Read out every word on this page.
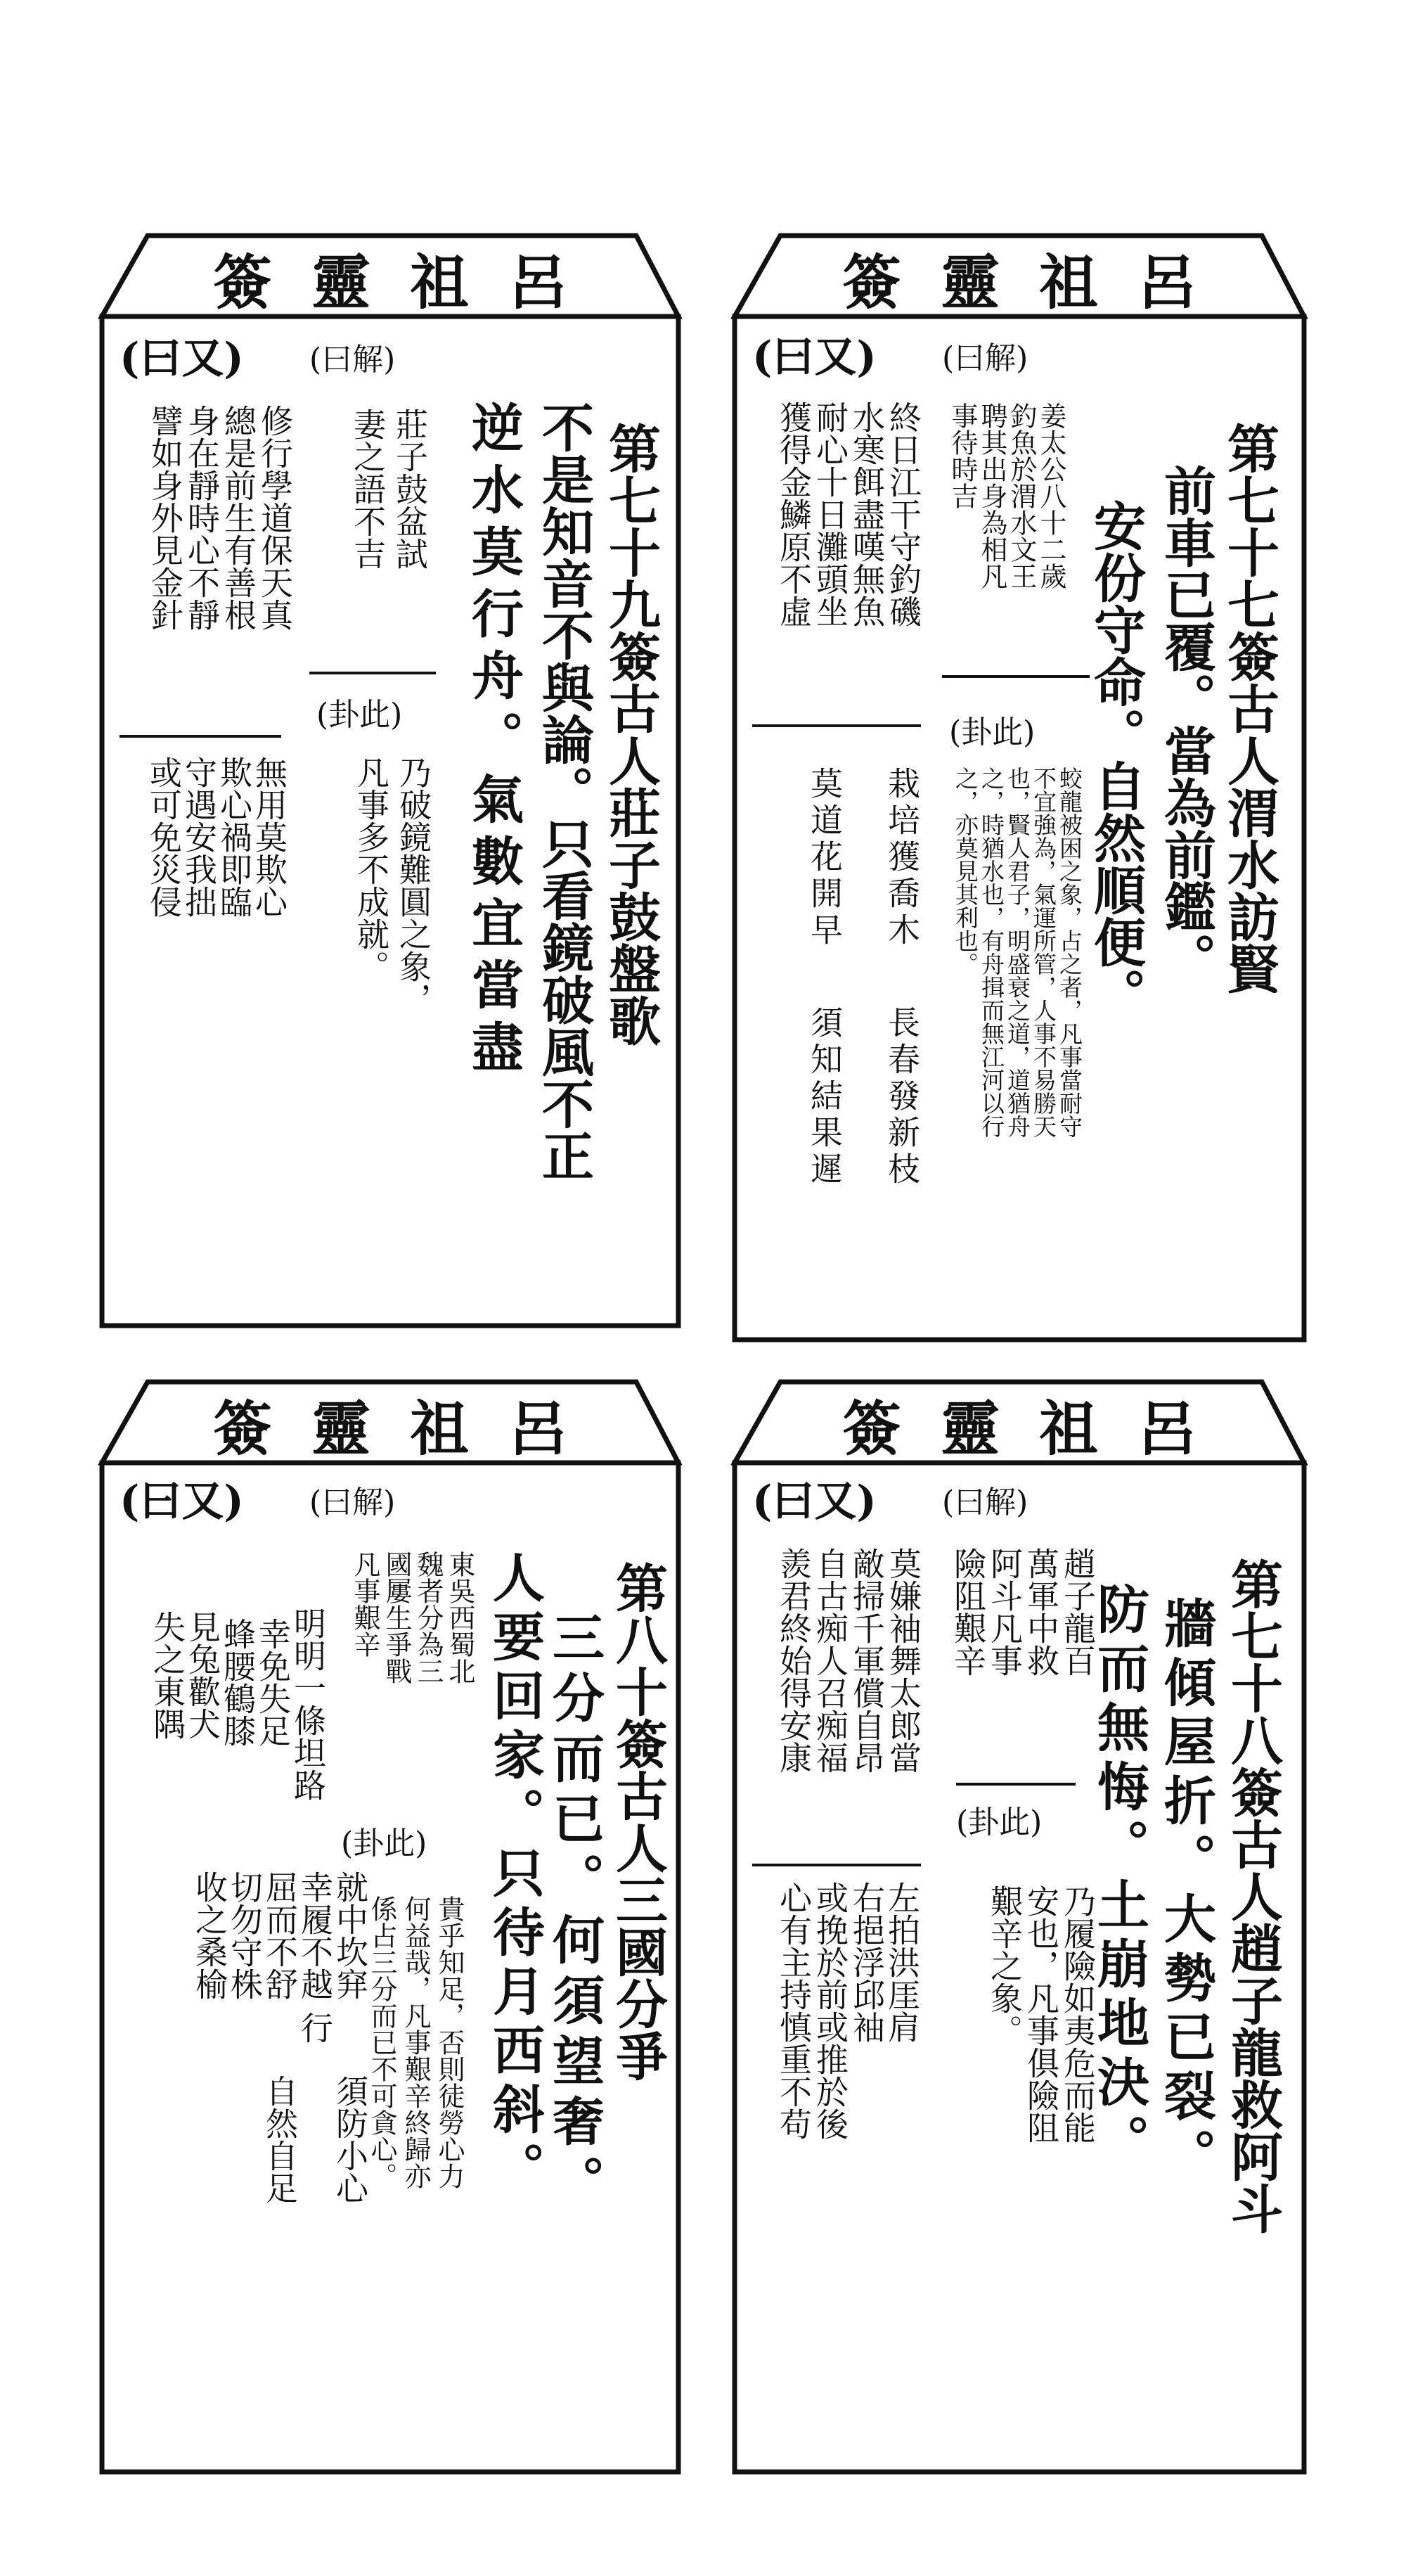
呂
祖
靈
簽
(曰又) (曰解)
第七十七簽古人渭水訪賢
前車已覆。當為前鑑。
安份守命。自然順便。
姜太公八十二歲
釣魚於渭水文王
聘其出身為相凡
事待時吉
終日江干守釣磯
水寒餌盡嘆無魚
耐心十日灘頭坐
獲得金鱗原不虛
(卦此)
蛟龍被困之象，占之者，凡事當耐守
不宜強為，氣運所管，人事不易勝天
也，賢人君子，明盛衰之道，道猶舟
之，時猶水也，有舟揖而無江河以行
之，亦莫見其利也。
栽培獲喬木
長春發新枝
莫道花開早
須知結果遲
呂
祖
靈
簽
(曰又) (曰解)
第七十九簽古人莊子鼓盤歌
不是知音不與論。只看鏡破風不正
逆水莫行舟。氣數宜當盡
莊子鼓盆試
妻之語不吉
修行學道保天真
總是前生有善根
身在靜時心不靜
譬如身外見金針
(卦此)
乃破鏡難圓之象，
凡事多不成就。
無用莫欺心
欺心禍即臨
守遇安我拙
或可免災侵
呂
祖
靈
簽
(曰又) (曰解)
第七十八簽古人趙子龍救阿斗
牆傾屋折。大勢已裂。
防而無悔。土崩地決。
趙子龍百
萬軍中救
阿斗凡事
險阻艱辛
莫嫌袖舞太郎當
敵掃千軍償自昂
自古痴人召痴福
羨君終始得安康
(卦此)
乃履險如夷危而能
安也，凡事俱險阻
艱辛之象。
左拍洪厓肩
右挹浮邱袖
或挽於前或推於後
心有主持慎重不苟
呂
祖
靈
簽
(曰又) (曰解)
第八十簽古人三國分爭
三分而已。何須望奢。
人要回家。只待月西斜。
東吳西蜀北
魏者分為三
國屢生爭戰
凡事艱辛
(卦此)
貴乎知足，否則徒勞心力
何益哉，凡事艱辛終歸亦
係占三分而已不可貪心。
明明一條坦路
幸免失足
蜂腰鶴膝
見兔歡犬
失之東隅
就中坎穽
須防小心
幸履不越
屈而不舒
切勿守株
自然自足
行
收之桑榆
